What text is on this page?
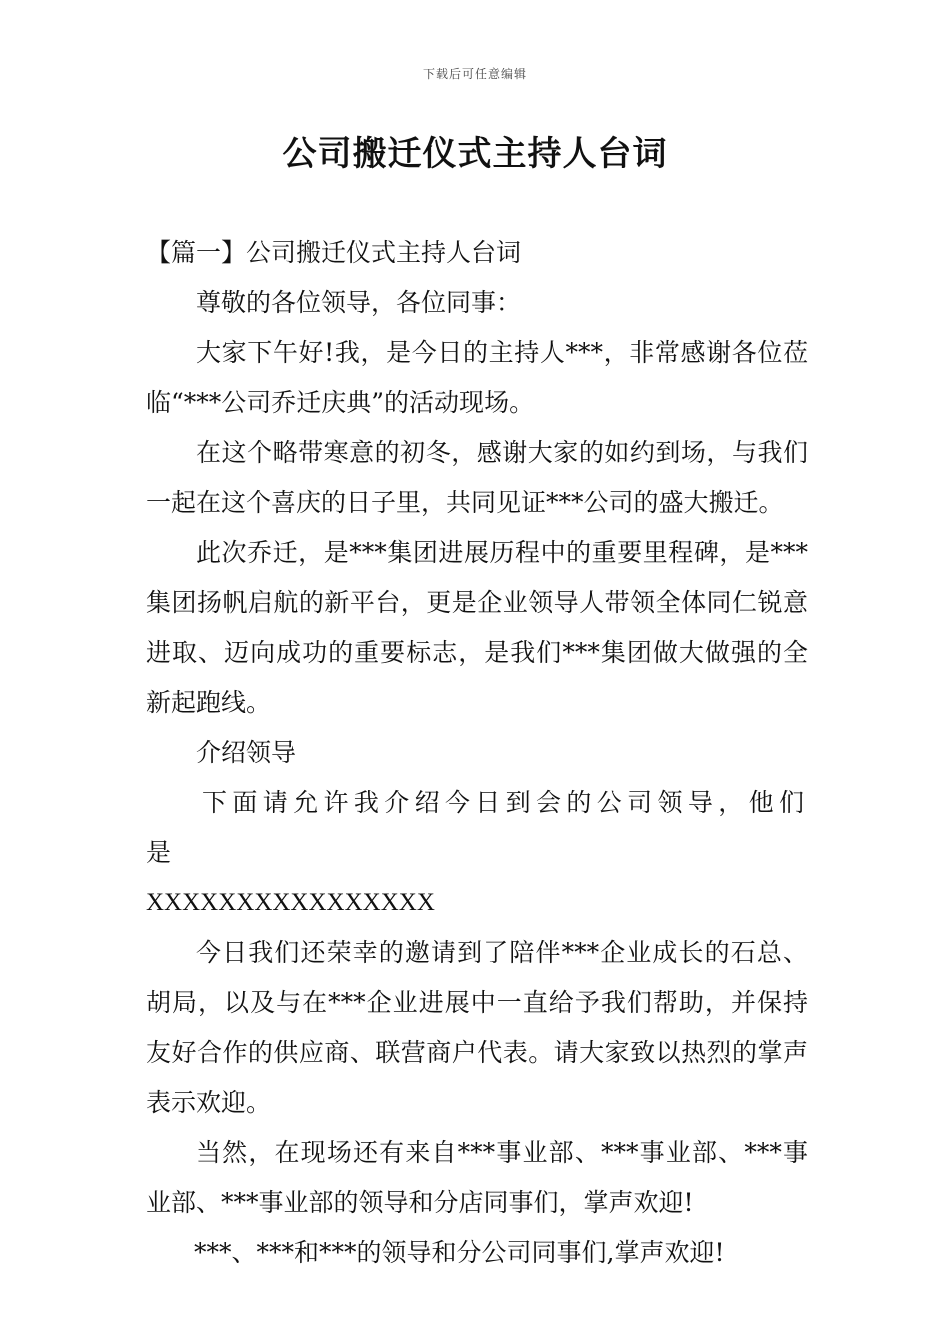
下载后可任意编辑
公司搬迁仪式主持人台词

【篇一】公司搬迁仪式主持人台词

尊敬的各位领导，各位同事：

大家下午好!我，是今日的主持人***，非常感谢各位莅临“***公司乔迁庆典”的活动现场。

在这个略带寒意的初冬，感谢大家的如约到场，与我们一起在这个喜庆的日子里，共同见证***公司的盛大搬迁。

此次乔迁，是***集团进展历程中的重要里程碑，是***集团扬帆启航的新平台，更是企业领导人带领全体同仁锐意进取、迈向成功的重要标志，是我们***集团做大做强的全新起跑线。

介绍领导

下面请允许我介绍今日到会的公司领导，他们是

XXXXXXXXXXXXXXXX

今日我们还荣幸的邀请到了陪伴***企业成长的石总、胡局，以及与在***企业进展中一直给予我们帮助，并保持友好合作的供应商、联营商户代表。请大家致以热烈的掌声表示欢迎。

当然，在现场还有来自***事业部、***事业部、***事业部、***事业部的领导和分店同事们，掌声欢迎!

***、***和***的领导和分公司同事们,掌声欢迎!
